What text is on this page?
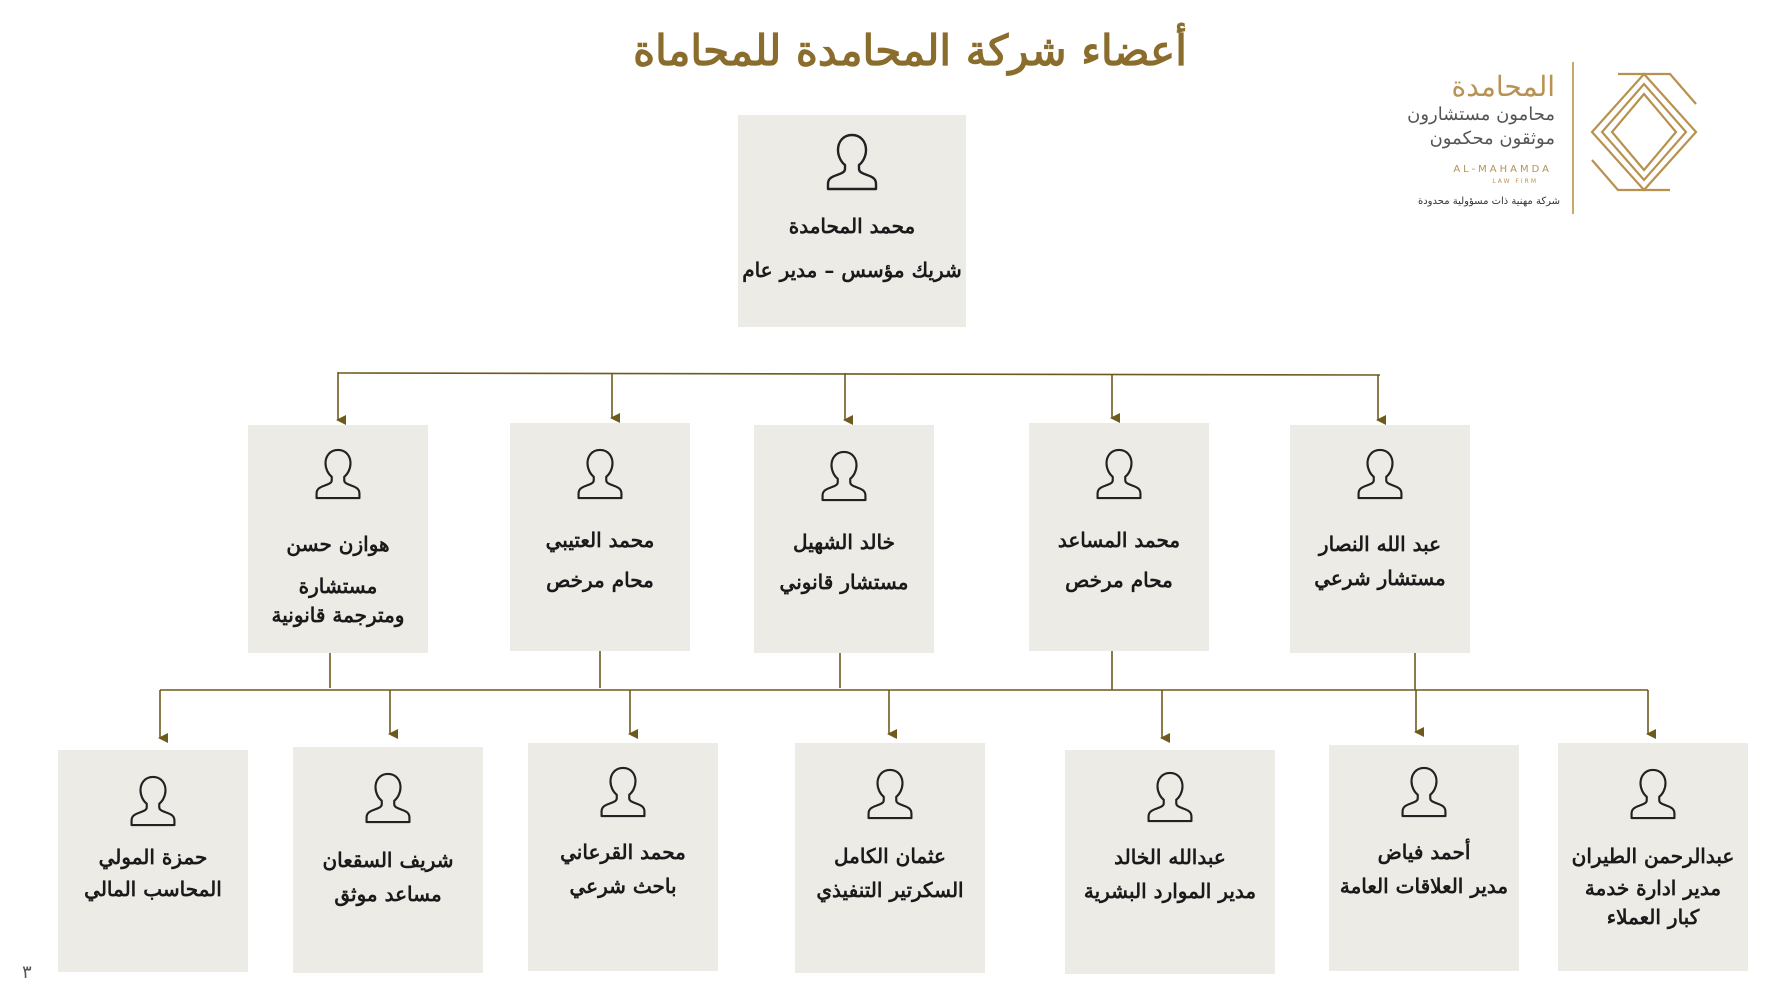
أعضاء شركة المحامدة للمحاماة
المحامدة
محامون مستشارون
موثقون محكمون
AL-MAHAMDA
LAW FIRM
شركة مهنية ذات مسؤولية محدودة
محمد المحامدة
شريك مؤسس – مدير عام
هوازن حسن
مستشارة ومترجمة قانونية
محمد العتيبي
محام مرخص
خالد الشهيل
مستشار قانوني
محمد المساعد
محام مرخص
عبد الله النصار
مستشار شرعي
حمزة المولي
المحاسب المالي
شريف السقعان
مساعد موثق
محمد القرعاني
باحث شرعي
عثمان الكامل
السكرتير التنفيذي
عبدالله الخالد
مدير الموارد البشرية
أحمد فياض
مدير العلاقات العامة
عبدالرحمن الطيران
مدير ادارة خدمة كبار العملاء
٣
